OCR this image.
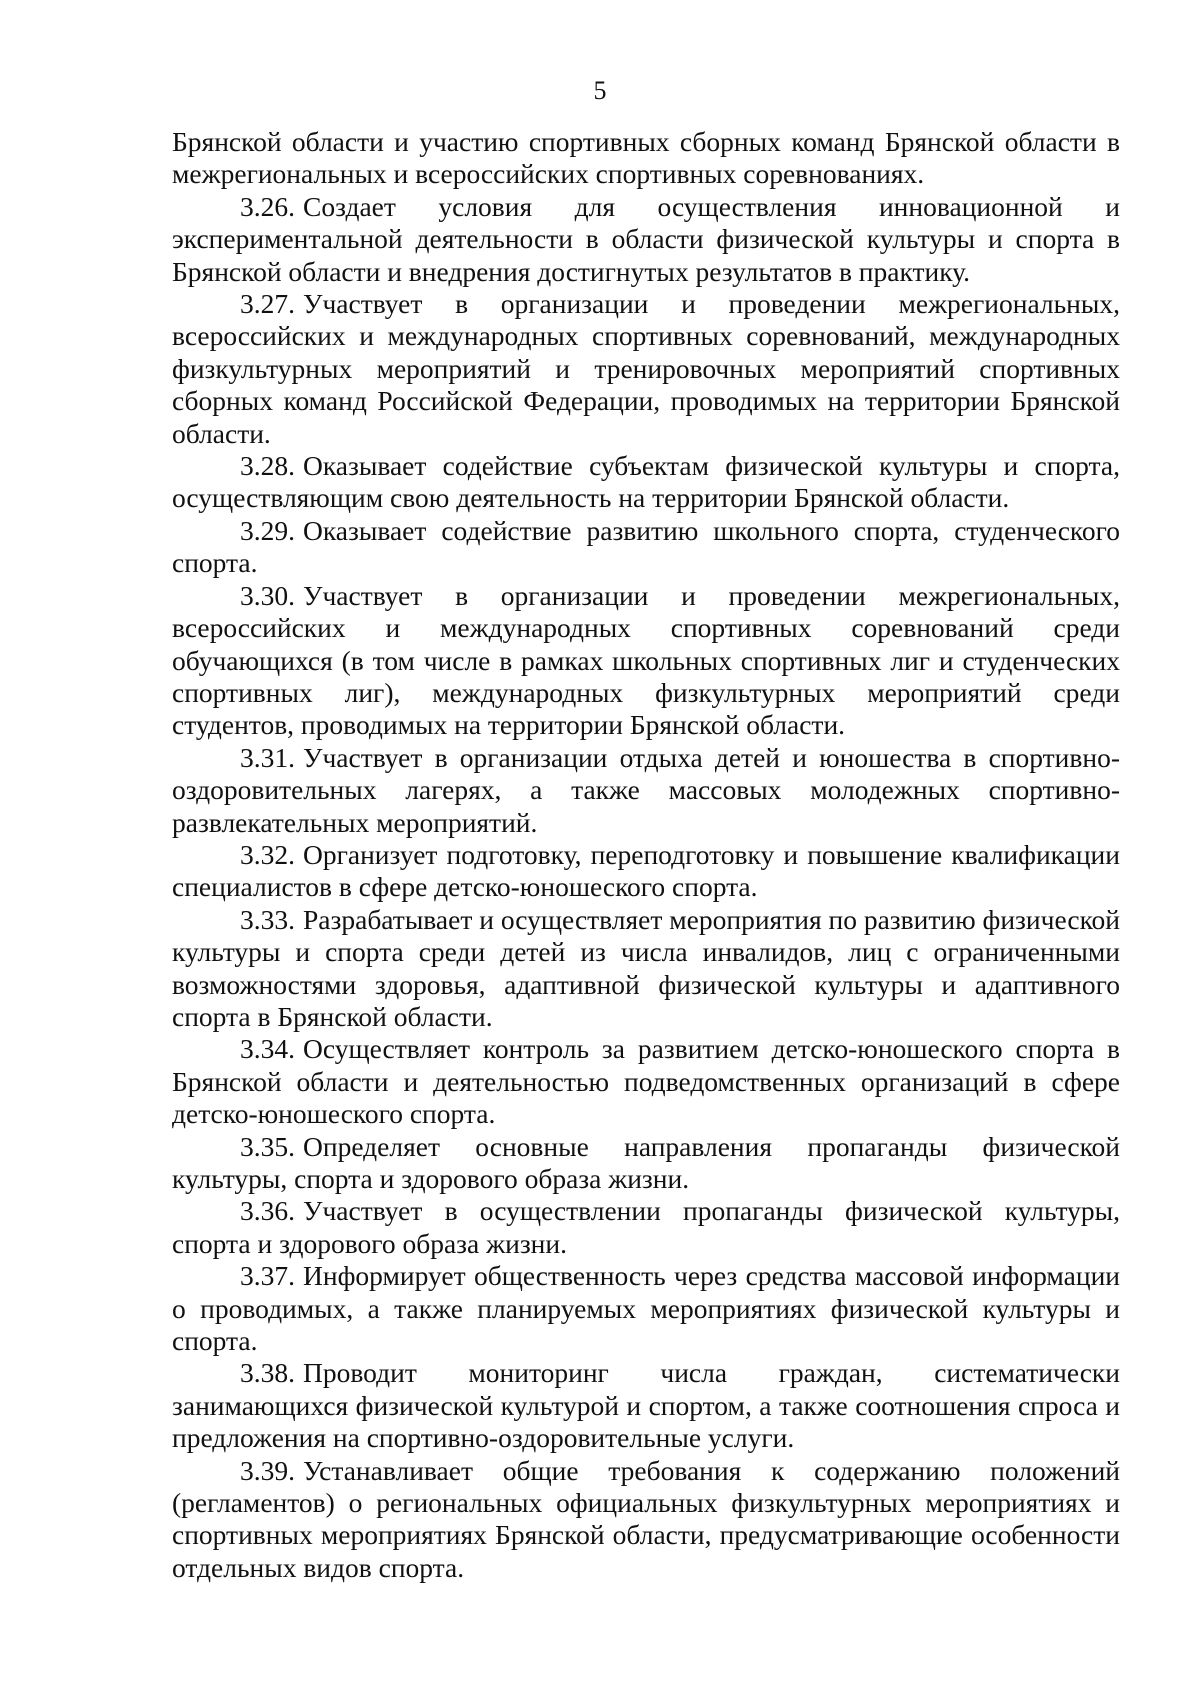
5

Брянской области и участию спортивных сборных команд Брянской области в межрегиональных и всероссийских спортивных соревнованиях.

3.26. Создает условия для осуществления инновационной и экспериментальной деятельности в области физической культуры и спорта в Брянской области и внедрения достигнутых результатов в практику.

3.27. Участвует в организации и проведении межрегиональных, всероссийских и международных спортивных соревнований, международных физкультурных мероприятий и тренировочных мероприятий спортивных сборных команд Российской Федерации, проводимых на территории Брянской области.

3.28. Оказывает содействие субъектам физической культуры и спорта, осуществляющим свою деятельность на территории Брянской области.

3.29. Оказывает содействие развитию школьного спорта, студенческого спорта.

3.30. Участвует в организации и проведении межрегиональных, всероссийских и международных спортивных соревнований среди обучающихся (в том числе в рамках школьных спортивных лиг и студенческих спортивных лиг), международных физкультурных мероприятий среди студентов, проводимых на территории Брянской области.

3.31. Участвует в организации отдыха детей и юношества в спортивно-оздоровительных лагерях, а также массовых молодежных спортивно-развлекательных мероприятий.

3.32. Организует подготовку, переподготовку и повышение квалификации специалистов в сфере детско-юношеского спорта.

3.33. Разрабатывает и осуществляет мероприятия по развитию физической культуры и спорта среди детей из числа инвалидов, лиц с ограниченными возможностями здоровья, адаптивной физической культуры и адаптивного спорта в Брянской области.

3.34. Осуществляет контроль за развитием детско-юношеского спорта в Брянской области и деятельностью подведомственных организаций в сфере детско-юношеского спорта.

3.35. Определяет основные направления пропаганды физической культуры, спорта и здорового образа жизни.

3.36. Участвует в осуществлении пропаганды физической культуры, спорта и здорового образа жизни.

3.37. Информирует общественность через средства массовой информации о проводимых, а также планируемых мероприятиях физической культуры и спорта.

3.38. Проводит мониторинг числа граждан, систематически занимающихся физической культурой и спортом, а также соотношения спроса и предложения на спортивно-оздоровительные услуги.

3.39. Устанавливает общие требования к содержанию положений (регламентов) о региональных официальных физкультурных мероприятиях и спортивных мероприятиях Брянской области, предусматривающие особенности отдельных видов спорта.
